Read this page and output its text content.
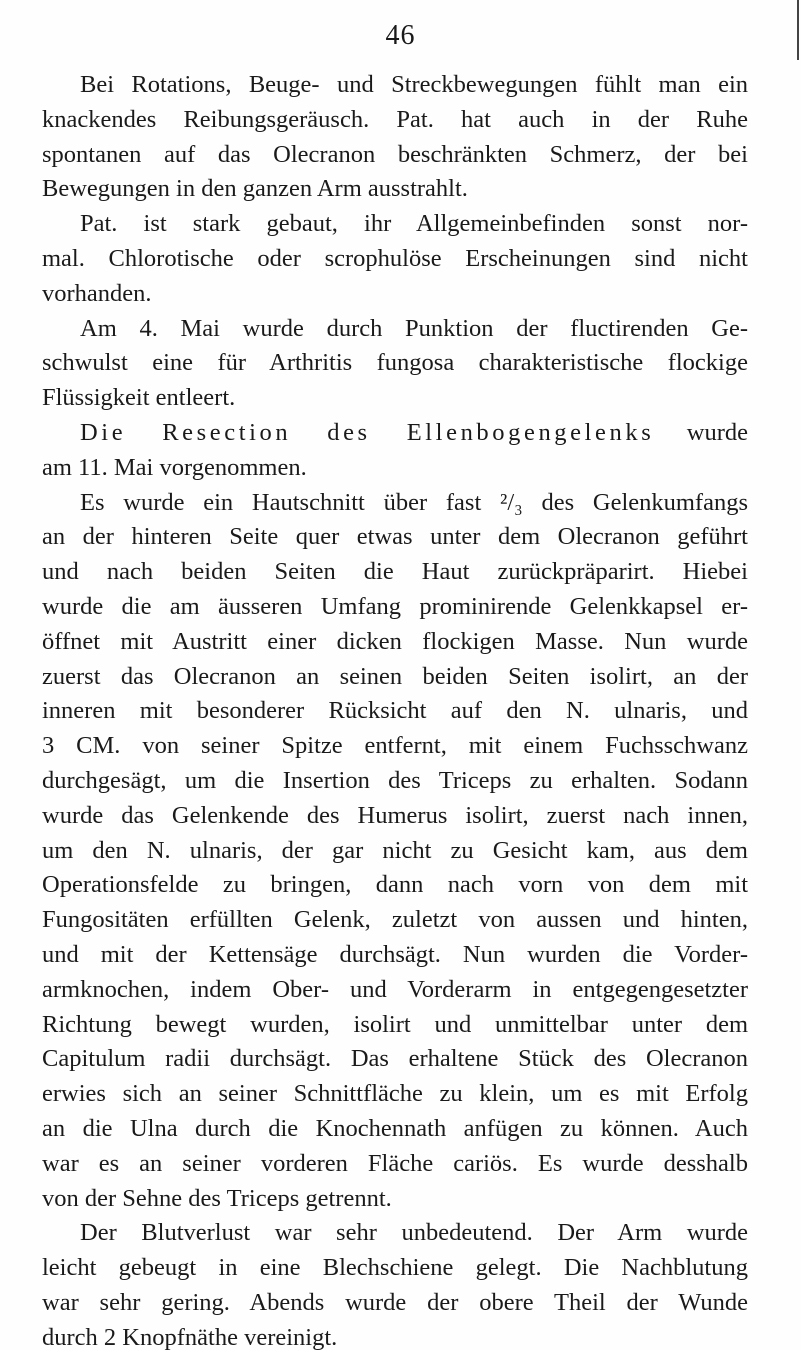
46

Bei Rotations, Beuge- und Streckbewegungen fühlt man ein
knackendes Reibungsgeräusch. Pat. hat auch in der Ruhe
spontanen auf das Olecranon beschränkten Schmerz, der bei
Bewegungen in den ganzen Arm ausstrahlt.

Pat. ist stark gebaut, ihr Allgemeinbefinden sonst nor-
mal. Chlorotische oder scrophulöse Erscheinungen sind nicht
vorhanden.

Am 4. Mai wurde durch Punktion der fluctirenden Ge-
schwulst eine für Arthritis fungosa charakteristische flockige
Flüssigkeit entleert.

Die Resection des Ellenbogengelenks wurde
am 11. Mai vorgenommen.

Es wurde ein Hautschnitt über fast ²/₃ des Gelenkumfangs
an der hinteren Seite quer etwas unter dem Olecranon geführt
und nach beiden Seiten die Haut zurückpräparirt. Hiebei
wurde die am äusseren Umfang prominirende Gelenkkapsel er-
öffnet mit Austritt einer dicken flockigen Masse. Nun wurde
zuerst das Olecranon an seinen beiden Seiten isolirt, an der
inneren mit besonderer Rücksicht auf den N. ulnaris, und
3 CM. von seiner Spitze entfernt, mit einem Fuchsschwanz
durchgesägt, um die Insertion des Triceps zu erhalten. Sodann
wurde das Gelenkende des Humerus isolirt, zuerst nach innen,
um den N. ulnaris, der gar nicht zu Gesicht kam, aus dem
Operationsfelde zu bringen, dann nach vorn von dem mit
Fungositäten erfüllten Gelenk, zuletzt von aussen und hinten,
und mit der Kettensäge durchsägt. Nun wurden die Vorder-
armknochen, indem Ober- und Vorderarm in entgegengesetzter
Richtung bewegt wurden, isolirt und unmittelbar unter dem
Capitulum radii durchsägt. Das erhaltene Stück des Olecranon
erwies sich an seiner Schnittfläche zu klein, um es mit Erfolg
an die Ulna durch die Knochennath anfügen zu können. Auch
war es an seiner vorderen Fläche cariös. Es wurde desshalb
von der Sehne des Triceps getrennt.

Der Blutverlust war sehr unbedeutend. Der Arm wurde
leicht gebeugt in eine Blechschiene gelegt. Die Nachblutung
war sehr gering. Abends wurde der obere Theil der Wunde
durch 2 Knopfnäthe vereinigt.
